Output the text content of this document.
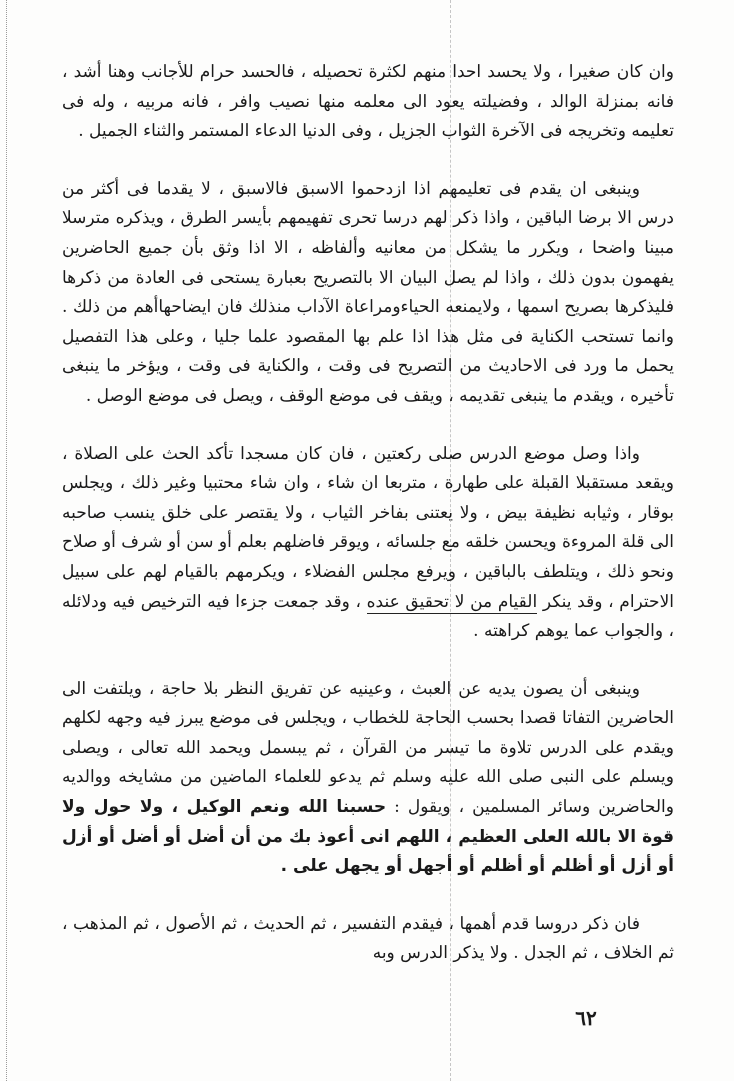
وان كان صغيرا ، ولا يحسد احدا منهم لكثرة تحصيله ، فالحسد حرام للأجانب وهنا أشد ، فانه بمنزلة الوالد ، وفضيلته يعود الى معلمه منها نصيب وافر ، فانه مربيه ، وله فى تعليمه وتخريجه فى الآخرة الثواب الجزيل ، وفى الدنيا الدعاء المستمر والثناء الجميل .

وينبغى ان يقدم فى تعليمهم اذا ازدحموا الاسبق فالاسبق ، لا يقدما فى أكثر من درس الا برضا الباقين ، واذا ذكر لهم درسا تحرى تفهيمهم بأيسر الطرق ، ويذكره مترسلا مبينا واضحا ، ويكرر ما يشكل من معانيه وألفاظه ، الا اذا وثق بأن جميع الحاضرين يفهمون بدون ذلك ، واذا لم يصل البيان الا بالتصريح بعبارة يستحى فى العادة من ذكرها فليذكرها بصريح اسمها ، ولايمنعه الحياءومراعاة الآداب منذلك فان ايضاحهاأهم من ذلك . وانما تستحب الكناية فى مثل هذا اذا علم بها المقصود علما جليا ، وعلى هذا التفصيل يحمل ما ورد فى الاحاديث من التصريح فى وقت ، والكناية فى وقت ، ويؤخر ما ينبغى تأخيره ، ويقدم ما ينبغى تقديمه ، ويقف فى موضع الوقف ، ويصل فى موضع الوصل .

واذا وصل موضع الدرس صلى ركعتين ، فان كان مسجدا تأكد الحث على الصلاة ، ويقعد مستقبلا القبلة على طهارة ، متربعا ان شاء ، وان شاء محتبيا وغير ذلك ، ويجلس بوقار ، وثيابه نظيفة بيض ، ولا يعتنى بفاخر الثياب ، ولا يقتصر على خلق ينسب صاحبه الى قلة المروءة ويحسن خلقه مع جلسائه ، ويوقر فاضلهم بعلم أو سن أو شرف أو صلاح ونحو ذلك ، ويتلطف بالباقين ، ويرفع مجلس الفضلاء ، ويكرمهم بالقيام لهم على سبيل الاحترام ، وقد ينكر القيام من لا تحقيق عنده ، وقد جمعت جزءا فيه الترخيص فيه ودلائله ، والجواب عما يوهم كراهته .

وينبغى أن يصون يديه عن العبث ، وعينيه عن تفريق النظر بلا حاجة ، ويلتفت الى الحاضرين التفاتا قصدا بحسب الحاجة للخطاب ، ويجلس فى موضع يبرز فيه وجهه لكلهم ويقدم على الدرس تلاوة ما تيسر من القرآن ، ثم يبسمل ويحمد الله تعالى ، ويصلى ويسلم على النبى صلى الله عليه وسلم ثم يدعو للعلماء الماضين من مشايخه ووالديه والحاضرين وسائر المسلمين ، ويقول : حسبنا الله ونعم الوكيل ، ولا حول ولا قوة الا بالله العلى العظيم ، اللهم انى أعوذ بك من أن أضل أو أضل أو أزل أو أزل أو أظلم أو أظلم أو أجهل أو يجهل على .

فان ذكر دروسا قدم أهمها ، فيقدم التفسير ، ثم الحديث ، ثم الأصول ، ثم المذهب ، ثم الخلاف ، ثم الجدل . ولا يذكر الدرس وبه

٦٢
